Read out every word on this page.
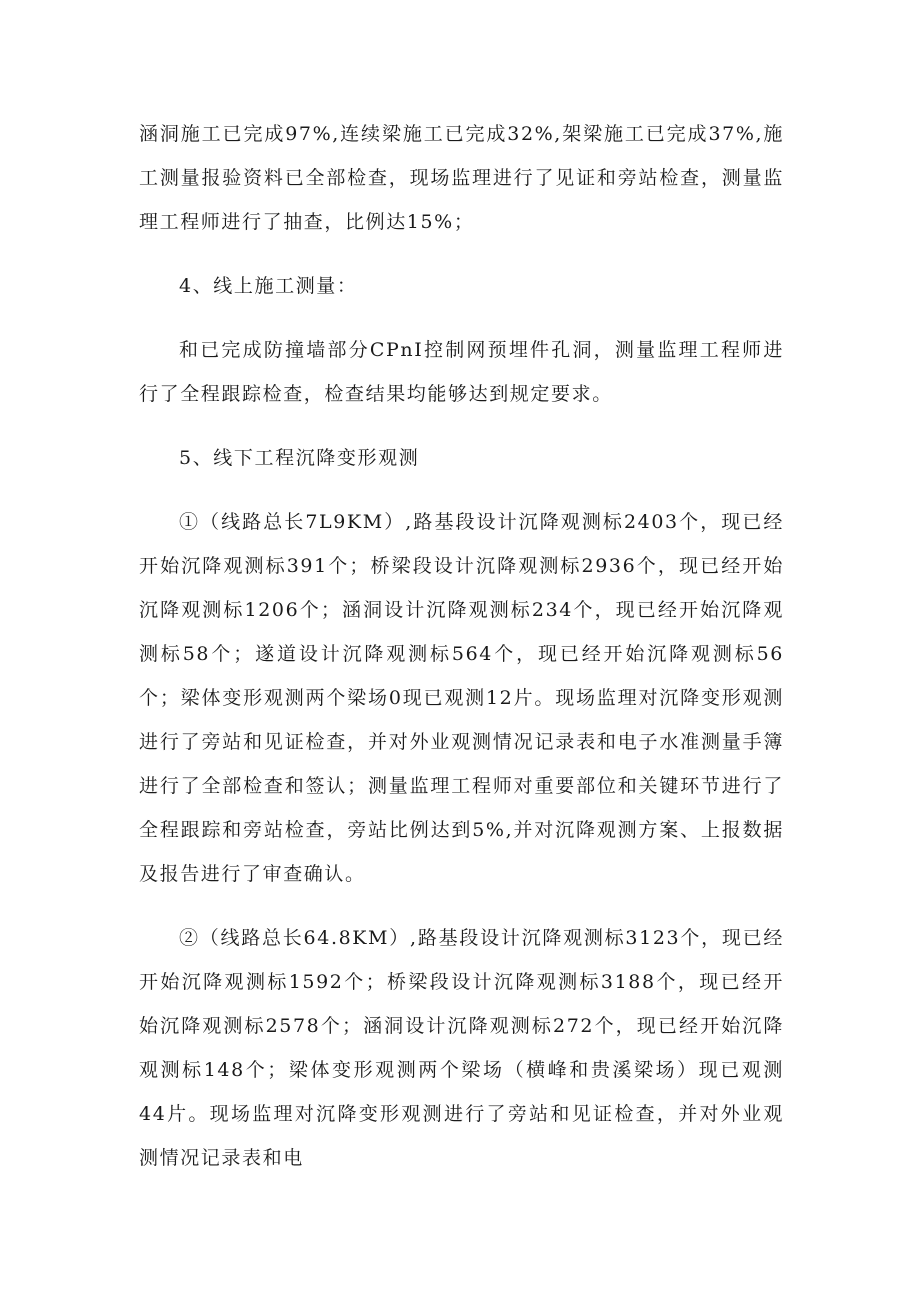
涵洞施工已完成97%,连续梁施工已完成32%,架梁施工已完成37%,施工测量报验资料已全部检查，现场监理进行了见证和旁站检查，测量监理工程师进行了抽查，比例达15%；

4、线上施工测量：

和已完成防撞墙部分CPnI控制网预埋件孔洞，测量监理工程师进行了全程跟踪检查，检查结果均能够达到规定要求。

5、线下工程沉降变形观测

①（线路总长7L9KM）,路基段设计沉降观测标2403个，现已经开始沉降观测标391个；桥梁段设计沉降观测标2936个，现已经开始沉降观测标1206个；涵洞设计沉降观测标234个，现已经开始沉降观测标58个；遂道设计沉降观测标564个，现已经开始沉降观测标56个；梁体变形观测两个梁场0现已观测12片。现场监理对沉降变形观测进行了旁站和见证检查，并对外业观测情况记录表和电子水准测量手簿进行了全部检查和签认；测量监理工程师对重要部位和关键环节进行了全程跟踪和旁站检查，旁站比例达到5%,并对沉降观测方案、上报数据及报告进行了审查确认。

②（线路总长64.8KM）,路基段设计沉降观测标3123个，现已经开始沉降观测标1592个；桥梁段设计沉降观测标3188个，现已经开始沉降观测标2578个；涵洞设计沉降观测标272个，现已经开始沉降观测标148个；梁体变形观测两个梁场（横峰和贵溪梁场）现已观测44片。现场监理对沉降变形观测进行了旁站和见证检查，并对外业观测情况记录表和电
